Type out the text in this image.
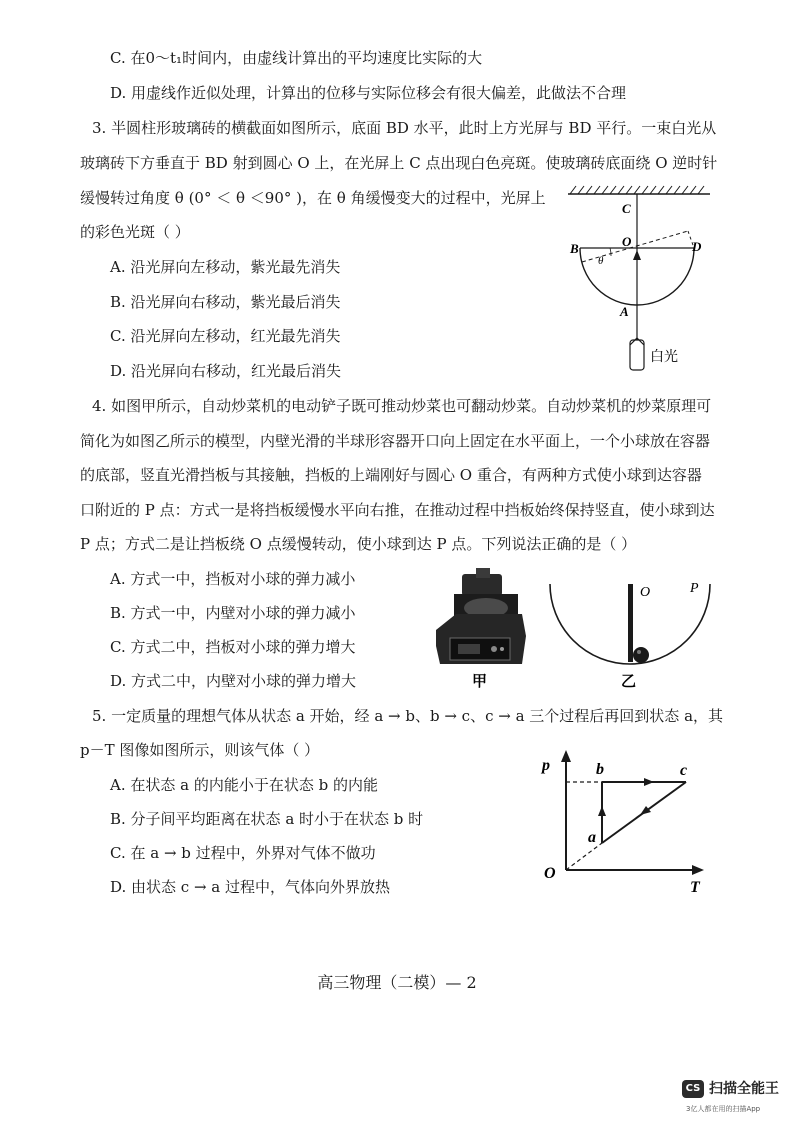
C. 在0～t₁时间内，由虚线计算出的平均速度比实际的大
D. 用虚线作近似处理，计算出的位移与实际位移会有很大偏差，此做法不合理
3. 半圆柱形玻璃砖的横截面如图所示，底面 BD 水平，此时上方光屏与 BD 平行。一束白光从
玻璃砖下方垂直于 BD 射到圆心 O 上，在光屏上 C 点出现白色亮斑。使玻璃砖底面绕 O 逆时针
缓慢转过角度 θ (0° ＜ θ ＜90° )，在 θ 角缓慢变大的过程中，光屏上
的彩色光斑（ ）
A. 沿光屏向左移动，紫光最先消失
B. 沿光屏向右移动，紫光最后消失
C. 沿光屏向左移动，红光最先消失
D. 沿光屏向右移动，红光最后消失
C
O
B	D
θ
A
白光
4. 如图甲所示，自动炒菜机的电动铲子既可推动炒菜也可翻动炒菜。自动炒菜机的炒菜原理可
简化为如图乙所示的模型，内壁光滑的半球形容器开口向上固定在水平面上，一个小球放在容器
的底部，竖直光滑挡板与其接触，挡板的上端刚好与圆心 O 重合，有两种方式使小球到达容器
口附近的 P 点：方式一是将挡板缓慢水平向右推，在推动过程中挡板始终保持竖直，使小球到达
P 点；方式二是让挡板绕 O 点缓慢转动，使小球到达 P 点。下列说法正确的是（ ）
A. 方式一中，挡板对小球的弹力减小
B. 方式一中，内壁对小球的弹力减小
C. 方式二中，挡板对小球的弹力增大
D. 方式二中，内壁对小球的弹力增大	甲
O	P
乙
5. 一定质量的理想气体从状态 a 开始，经 a → b、b → c、c → a 三个过程后再回到状态 a，其
p－T 图像如图所示，则该气体（ ）
A. 在状态 a 的内能小于在状态 b 的内能
B. 分子间平均距离在状态 a 时小于在状态 b 时
C. 在 a → b 过程中，外界对气体不做功
D. 由状态 c → a 过程中，气体向外界放热
p
T
O
a
b	c
高三物理（二模）— 2
CS 扫描全能王
3亿人都在用的扫描App
